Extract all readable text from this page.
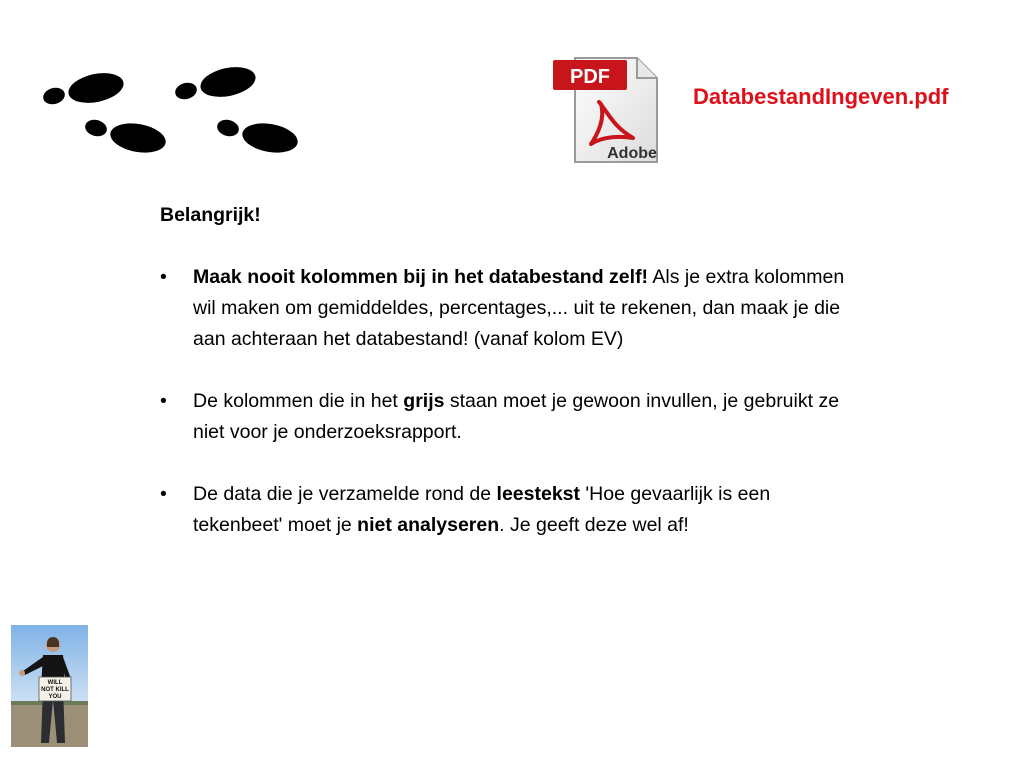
PDF
Adobe
DatabestandIngeven.pdf

Belangrijk!

• Maak nooit kolommen bij in het databestand zelf! Als je extra kolommen wil maken om gemiddeldes, percentages,... uit te rekenen, dan maak je die aan achteraan het databestand! (vanaf kolom EV)
• De kolommen die in het grijs staan moet je gewoon invullen, je gebruikt ze niet voor je onderzoeksrapport.
• De data die je verzamelde rond de leestekst 'Hoe gevaarlijk is een tekenbeet' moet je niet analyseren. Je geeft deze wel af!
WILL
NOT KILL
YOU
